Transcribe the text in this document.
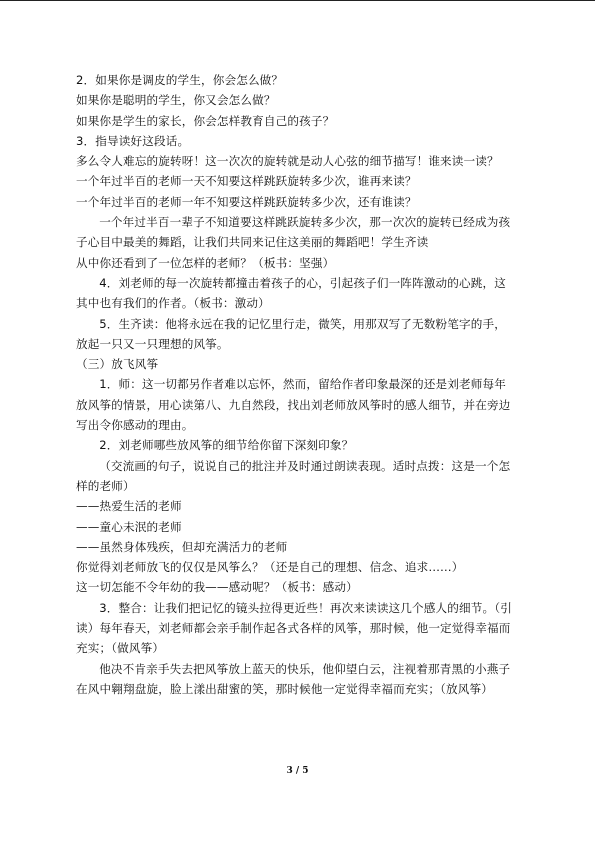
2．如果你是调皮的学生，你会怎么做？

如果你是聪明的学生，你又会怎么做？

如果你是学生的家长，你会怎样教育自己的孩子？

3．指导读好这段话。

多么令人难忘的旋转呀！这一次次的旋转就是动人心弦的细节描写！谁来读一读？

一个年过半百的老师一天不知要这样跳跃旋转多少次，谁再来读？

一个年过半百的老师一年不知要这样跳跃旋转多少次，还有谁读？

一个年过半百一辈子不知道要这样跳跃旋转多少次，那一次次的旋转已经成为孩子心目中最美的舞蹈，让我们共同来记住这美丽的舞蹈吧！学生齐读

从中你还看到了一位怎样的老师？（板书：坚强）

4．刘老师的每一次旋转都撞击着孩子的心，引起孩子们一阵阵激动的心跳，这其中也有我们的作者。（板书：激动）

5．生齐读：他将永远在我的记忆里行走，微笑，用那双写了无数粉笔字的手，放起一只又一只理想的风筝。

（三）放飞风筝

1．师：这一切都另作者难以忘怀，然而，留给作者印象最深的还是刘老师每年放风筝的情景，用心读第八、九自然段，找出刘老师放风筝时的感人细节，并在旁边写出令你感动的理由。

2．刘老师哪些放风筝的细节给你留下深刻印象？

（交流画的句子，说说自己的批注并及时通过朗读表现。适时点拨：这是一个怎样的老师）

——热爱生活的老师

——童心未泯的老师

——虽然身体残疾，但却充满活力的老师

你觉得刘老师放飞的仅仅是风筝么？（还是自己的理想、信念、追求……）

这一切怎能不令年幼的我——感动呢？（板书：感动）

3．整合：让我们把记忆的镜头拉得更近些！再次来读读这几个感人的细节。（引读）每年春天，刘老师都会亲手制作起各式各样的风筝，那时候，他一定觉得幸福而充实；（做风筝）

他决不肯亲手失去把风筝放上蓝天的快乐，他仰望白云，注视着那青黑的小燕子在风中翱翔盘旋，脸上漾出甜蜜的笑，那时候他一定觉得幸福而充实；（放风筝）

3 / 5
